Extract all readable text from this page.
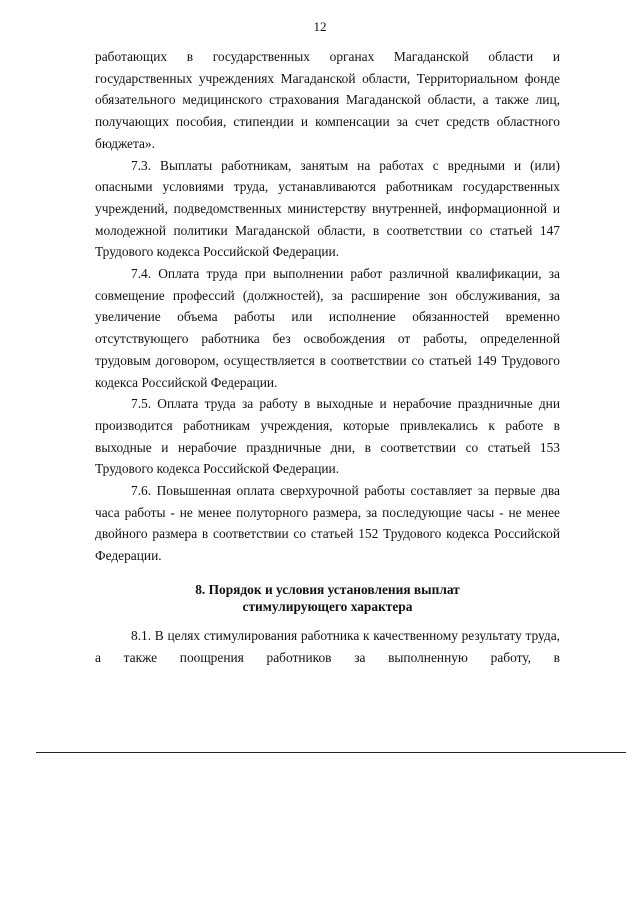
12

работающих в государственных органах Магаданской области и государственных учреждениях Магаданской области, Территориальном фонде обязательного медицинского страхования Магаданской области, а также лиц, получающих пособия, стипендии и компенсации за счет средств областного бюджета».

7.3. Выплаты работникам, занятым на работах с вредными и (или) опасными условиями труда, устанавливаются работникам государственных учреждений, подведомственных министерству внутренней, информационной и молодежной политики Магаданской области, в соответствии со статьей 147 Трудового кодекса Российской Федерации.

7.4. Оплата труда при выполнении работ различной квалификации, за совмещение профессий (должностей), за расширение зон обслуживания, за увеличение объема работы или исполнение обязанностей временно отсутствующего работника без освобождения от работы, определенной трудовым договором, осуществляется в соответствии со статьей 149 Трудового кодекса Российской Федерации.

7.5. Оплата труда за работу в выходные и нерабочие праздничные дни производится работникам учреждения, которые привлекались к работе в выходные и нерабочие праздничные дни, в соответствии со статьей 153 Трудового кодекса Российской Федерации.

7.6. Повышенная оплата сверхурочной работы составляет за первые два часа работы - не менее полуторного размера, за последующие часы - не менее двойного размера в соответствии со статьей 152 Трудового кодекса Российской Федерации.

8. Порядок и условия установления выплат
стимулирующего характера

8.1. В целях стимулирования работника к качественному результату труда, а также поощрения работников за выполненную работу, в
